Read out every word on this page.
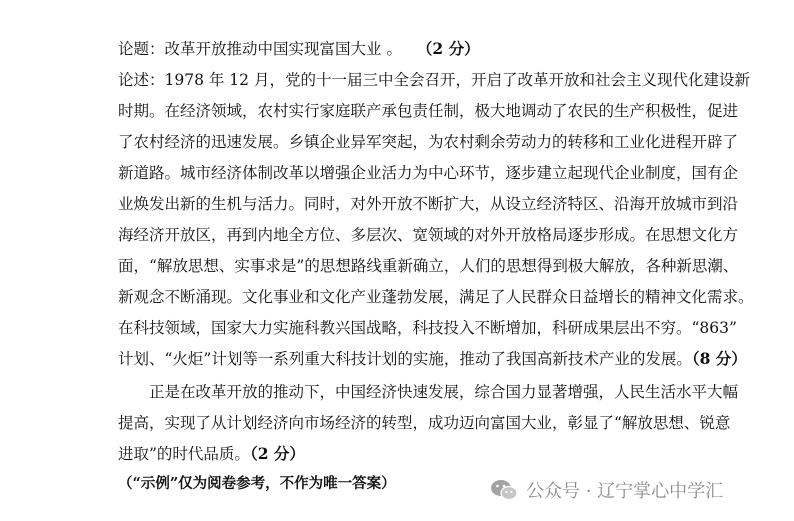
论题：改革开放推动中国实现富国大业 。 （2 分）
论述：1978 年 12 月，党的十一届三中全会召开，开启了改革开放和社会主义现代化建设新
时期。在经济领域，农村实行家庭联产承包责任制，极大地调动了农民的生产积极性，促进
了农村经济的迅速发展。乡镇企业异军突起，为农村剩余劳动力的转移和工业化进程开辟了
新道路。城市经济体制改革以增强企业活力为中心环节，逐步建立起现代企业制度，国有企
业焕发出新的生机与活力。同时，对外开放不断扩大，从设立经济特区、沿海开放城市到沿
海经济开放区，再到内地全方位、多层次、宽领域的对外开放格局逐步形成。在思想文化方
面，“解放思想、实事求是”的思想路线重新确立，人们的思想得到极大解放，各种新思潮、
新观念不断涌现。文化事业和文化产业蓬勃发展，满足了人民群众日益增长的精神文化需求。
在科技领域，国家大力实施科教兴国战略，科技投入不断增加，科研成果层出不穷。“863”
计划、“火炬”计划等一系列重大科技计划的实施，推动了我国高新技术产业的发展。（8 分）
　　正是在改革开放的推动下，中国经济快速发展，综合国力显著增强，人民生活水平大幅
提高，实现了从计划经济向市场经济的转型，成功迈向富国大业，彰显了“解放思想、锐意
进取”的时代品质。（2 分）
（“示例”仅为阅卷参考，不作为唯一答案）	公众号 · 辽宁掌心中学汇
